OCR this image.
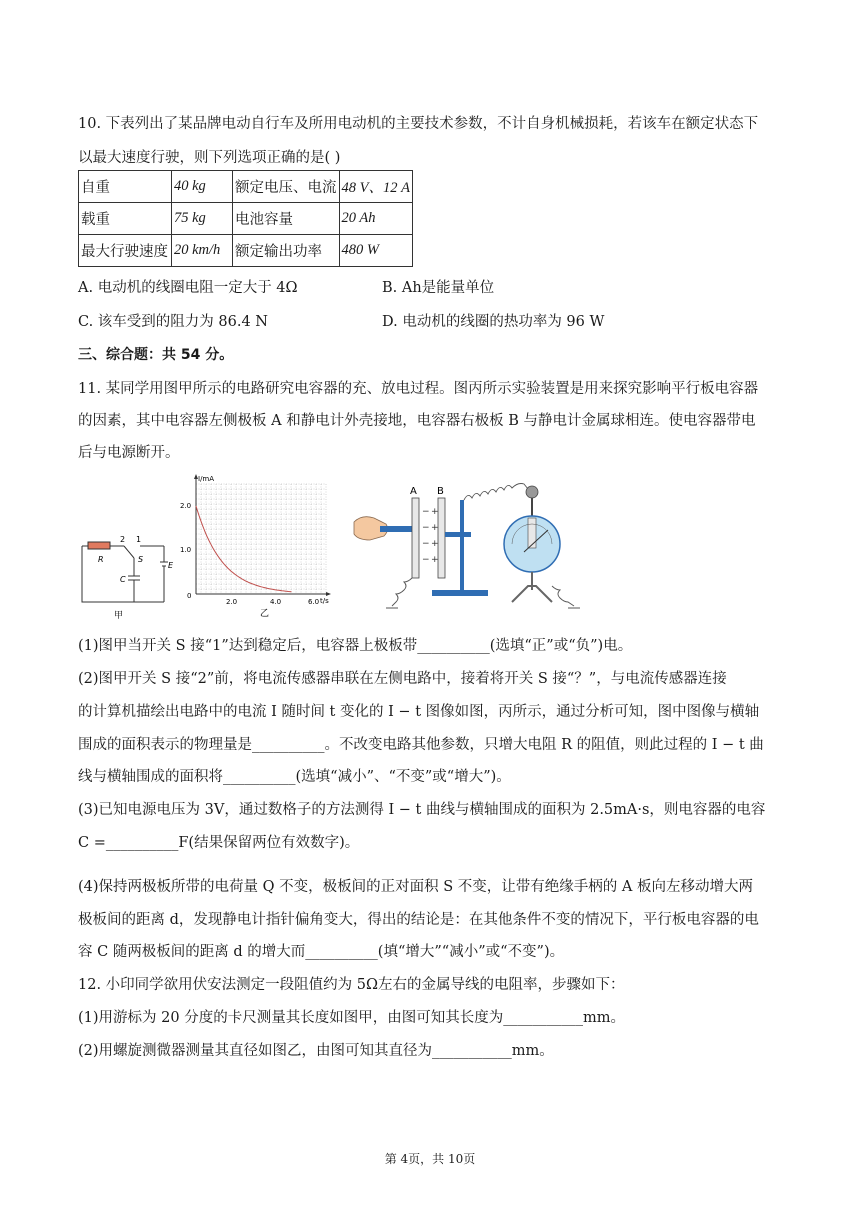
10. 下表列出了某品牌电动自行车及所用电动机的主要技术参数，不计自身机械损耗，若该车在额定状态下
以最大速度行驶，则下列选项正确的是( )
自重	40 kg	额定电压、电流	48 V、12 A
载重	75 kg	电池容量	20 Ah
最大行驶速度	20 km/h	额定输出功率	480 W
A. 电动机的线圈电阻一定大于 4Ω	B. Ah是能量单位
C. 该车受到的阻力为 86.4 N	D. 电动机的线圈的热功率为 96 W
三、综合题：共 54 分。
11. 某同学用图甲所示的电路研究电容器的充、放电过程。图丙所示实验装置是用来探究影响平行板电容器
的因素，其中电容器左侧极板 A 和静电计外壳接地，电容器右极板 B 与静电计金属球相连。使电容器带电
后与电源断开。
R
2 1
S
C
E
甲
I/mA
t/s
2.0
1.0
0
2.0	4.0	6.0
乙
A B
−
−
−
−
+
+
+
+
(1)图甲当开关 S 接“1”达到稳定后，电容器上极板带__________(选填“正”或“负”)电。
(2)图甲开关 S 接“2”前，将电流传感器串联在左侧电路中，接着将开关 S 接“？”，与电流传感器连接
的计算机描绘出电路中的电流 I 随时间 t 变化的 I − t 图像如图，丙所示，通过分析可知，图中图像与横轴
围成的面积表示的物理量是__________。不改变电路其他参数，只增大电阻 R 的阻值，则此过程的 I − t 曲
线与横轴围成的面积将__________(选填“减小”、“不变”或“增大”)。
(3)已知电源电压为 3V，通过数格子的方法测得 I − t 曲线与横轴围成的面积为 2.5mA·s，则电容器的电容
C =__________F(结果保留两位有效数字)。
(4)保持两极板所带的电荷量 Q 不变，极板间的正对面积 S 不变，让带有绝缘手柄的 A 板向左移动增大两
极板间的距离 d，发现静电计指针偏角变大，得出的结论是：在其他条件不变的情况下，平行板电容器的电
容 C 随两极板间的距离 d 的增大而__________(填“增大”“减小”或“不变”)。
12. 小印同学欲用伏安法测定一段阻值约为 5Ω左右的金属导线的电阻率，步骤如下：
(1)用游标为 20 分度的卡尺测量其长度如图甲，由图可知其长度为___________mm。
(2)用螺旋测微器测量其直径如图乙，由图可知其直径为___________mm。
第 4页，共 10页
